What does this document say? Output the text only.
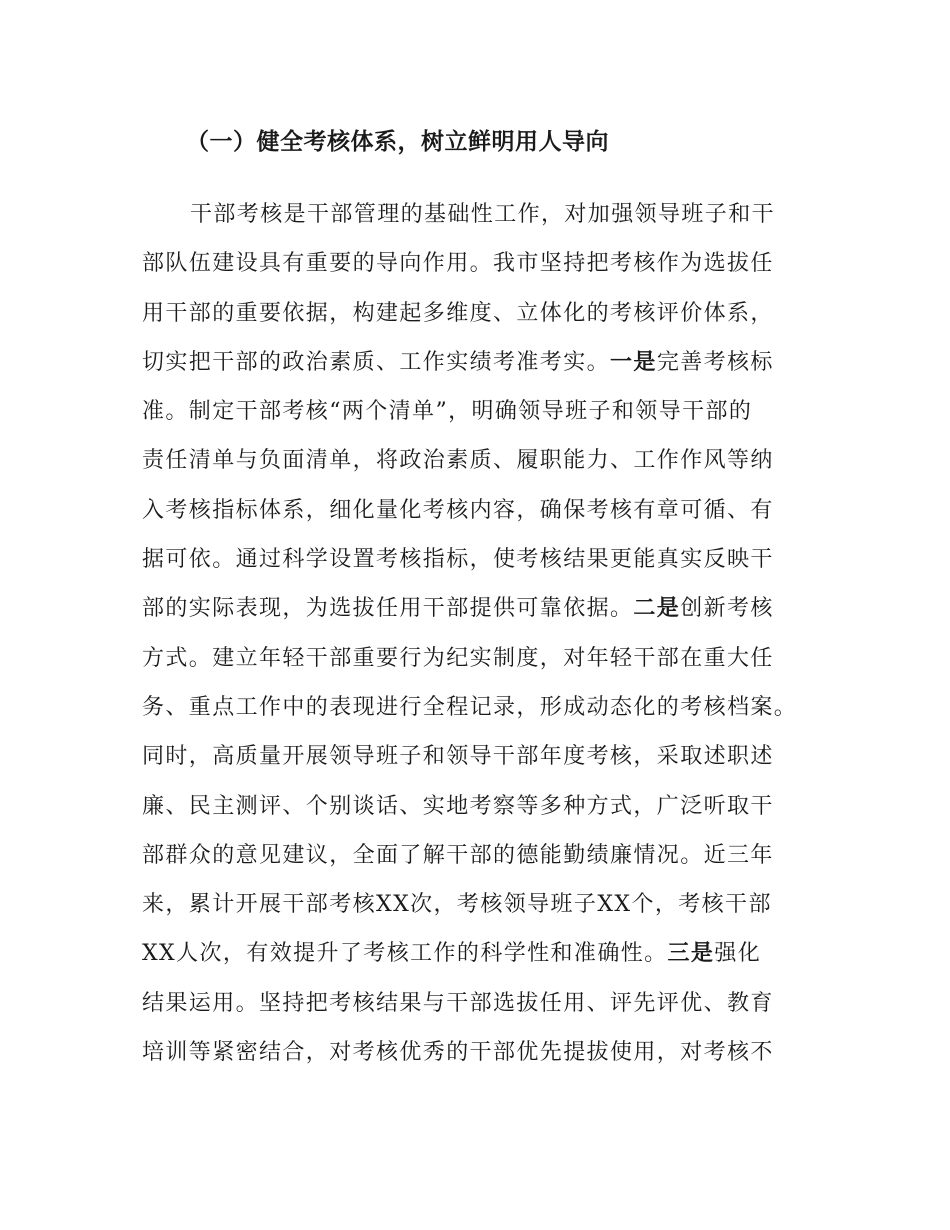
（一）健全考核体系，树立鲜明用人导向
干部考核是干部管理的基础性工作，对加强领导班子和干
部队伍建设具有重要的导向作用。我市坚持把考核作为选拔任
用干部的重要依据，构建起多维度、立体化的考核评价体系，
切实把干部的政治素质、工作实绩考准考实。一是完善考核标
准。制定干部考核“两个清单”，明确领导班子和领导干部的
责任清单与负面清单，将政治素质、履职能力、工作作风等纳
入考核指标体系，细化量化考核内容，确保考核有章可循、有
据可依。通过科学设置考核指标，使考核结果更能真实反映干
部的实际表现，为选拔任用干部提供可靠依据。二是创新考核
方式。建立年轻干部重要行为纪实制度，对年轻干部在重大任
务、重点工作中的表现进行全程记录，形成动态化的考核档案。
同时，高质量开展领导班子和领导干部年度考核，采取述职述
廉、民主测评、个别谈话、实地考察等多种方式，广泛听取干
部群众的意见建议，全面了解干部的德能勤绩廉情况。近三年
来，累计开展干部考核XX次，考核领导班子XX个，考核干部
XX人次，有效提升了考核工作的科学性和准确性。三是强化
结果运用。坚持把考核结果与干部选拔任用、评先评优、教育
培训等紧密结合，对考核优秀的干部优先提拔使用，对考核不
